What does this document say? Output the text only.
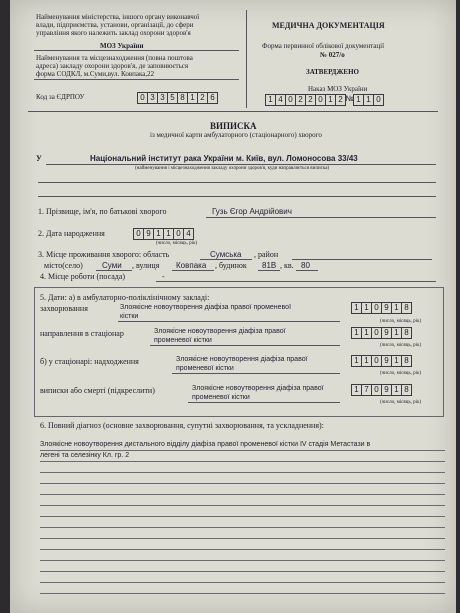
Найменування міністерства, іншого органу виконавчої
влади, підприємства, установи, організації, до сфери
управління якого належить заклад охорони здоров'я
МОЗ України
Найменування та місцезнаходження (повна поштова
адреса) закладу охорони здоров'я, де заповнюється
форма СОДКЛ, м.Суми,вул. Ковпака,22
Код за ЄДРПОУ	0 3 3 5 8 1 2 6
МЕДИЧНА ДОКУМЕНТАЦІЯ
Форма первинної облікової документації
№ 027/о
ЗАТВЕРДЖЕНО
Наказ МОЗ України
1 4 0 2 2 0 1 2 № 1 1 0
ВИПИСКА
із медичної карти амбулаторного (стаціонарного) хворого
У	Національний інститут рака України м. Київ, вул. Ломоносова 33/43
(найменування і місцезнаходження закладу охорони здоров'я, куди направляється виписка)
1. Прізвище, ім'я, по батькові хворого	Гузь Єгор Андрійович
2. Дата народження	0 9 1 1 0 4
(число, місяць, рік)
3. Місце проживання хворого: область	Сумська , район
місто(село) Суми , вулиця Ковпака , будинок 81В , кв. 80
4. Місце роботи (посада)	-
5. Дати: а) в амбулаторно-поліклінічному закладі:
захворювання	Злоякісне новоутворення діафіза правої променевої
кістки
1 1 0 9 1 8
(число, місяць, рік)
направлення в стаціонар	Злоякісне новоутворення діафіза правої
променевої кістки
1 1 0 9 1 8
(число, місяць, рік)
б) у стаціонарі: надходження	Злоякісне новоутворення діафіза правої
променевої кістки
1 1 0 9 1 8
(число, місяць, рік)
виписки або смерті (підкреслити)	Злоякісне новоутворення діафіза правої
променевої кістки
1 7 0 9 1 8
(число, місяць, рік)
6. Повний діагноз (основне захворювання, супутні захворювання, та ускладнення):
Злоякісне новоутворення дистального відділу діафіза правої променевої кістки IV стадія Метастази в
легені та селезінку Кл. гр. 2
